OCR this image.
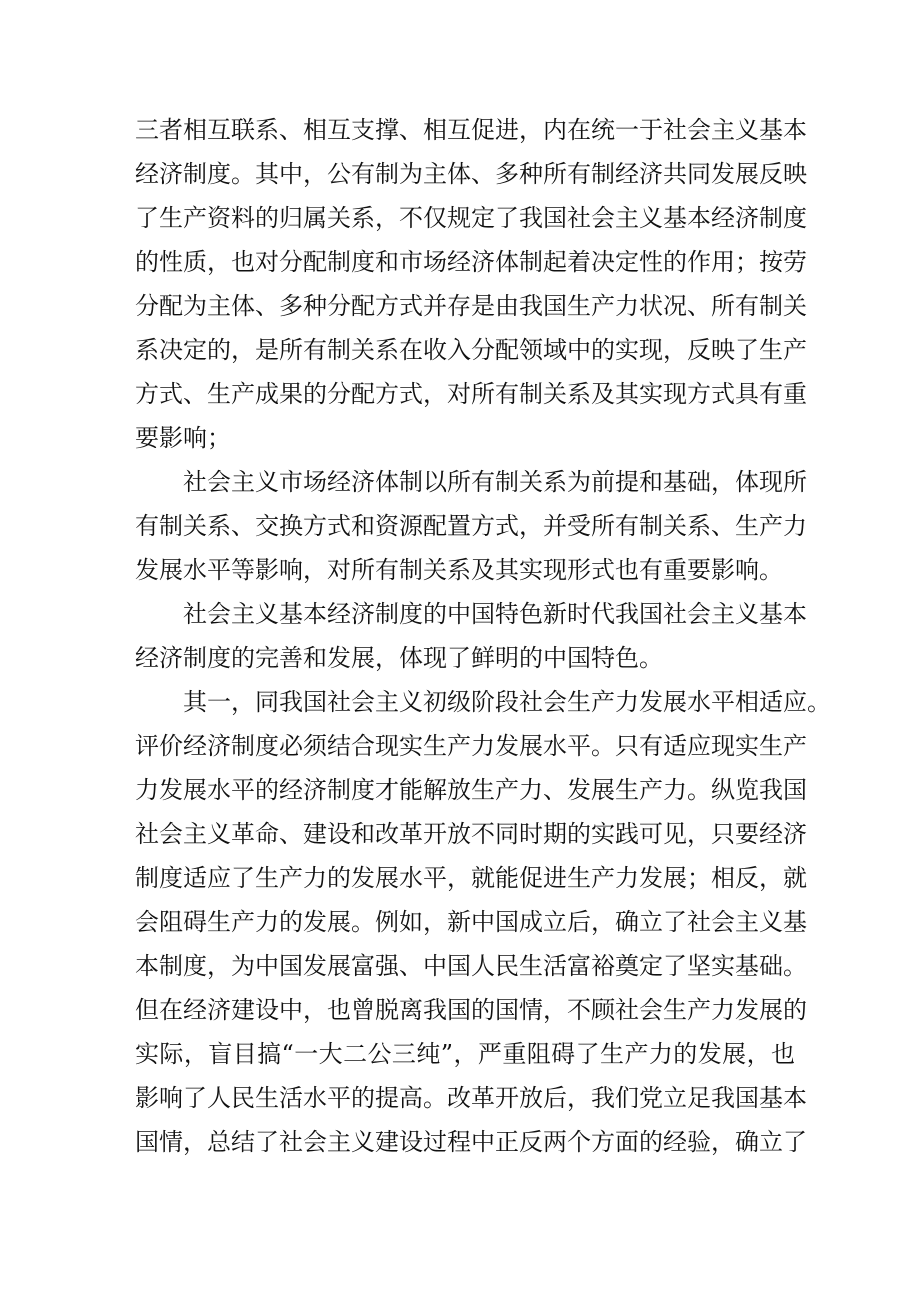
三者相互联系、相互支撑、相互促进，内在统一于社会主义基本
经济制度。其中，公有制为主体、多种所有制经济共同发展反映
了生产资料的归属关系，不仅规定了我国社会主义基本经济制度
的性质，也对分配制度和市场经济体制起着决定性的作用；按劳
分配为主体、多种分配方式并存是由我国生产力状况、所有制关
系决定的，是所有制关系在收入分配领域中的实现，反映了生产
方式、生产成果的分配方式，对所有制关系及其实现方式具有重
要影响；
社会主义市场经济体制以所有制关系为前提和基础，体现所
有制关系、交换方式和资源配置方式，并受所有制关系、生产力
发展水平等影响，对所有制关系及其实现形式也有重要影响。
社会主义基本经济制度的中国特色新时代我国社会主义基本
经济制度的完善和发展，体现了鲜明的中国特色。
其一，同我国社会主义初级阶段社会生产力发展水平相适应。
评价经济制度必须结合现实生产力发展水平。只有适应现实生产
力发展水平的经济制度才能解放生产力、发展生产力。纵览我国
社会主义革命、建设和改革开放不同时期的实践可见，只要经济
制度适应了生产力的发展水平，就能促进生产力发展；相反，就
会阻碍生产力的发展。例如，新中国成立后，确立了社会主义基
本制度，为中国发展富强、中国人民生活富裕奠定了坚实基础。
但在经济建设中，也曾脱离我国的国情，不顾社会生产力发展的
实际，盲目搞“一大二公三纯”，严重阻碍了生产力的发展，也
影响了人民生活水平的提高。改革开放后，我们党立足我国基本
国情，总结了社会主义建设过程中正反两个方面的经验，确立了
